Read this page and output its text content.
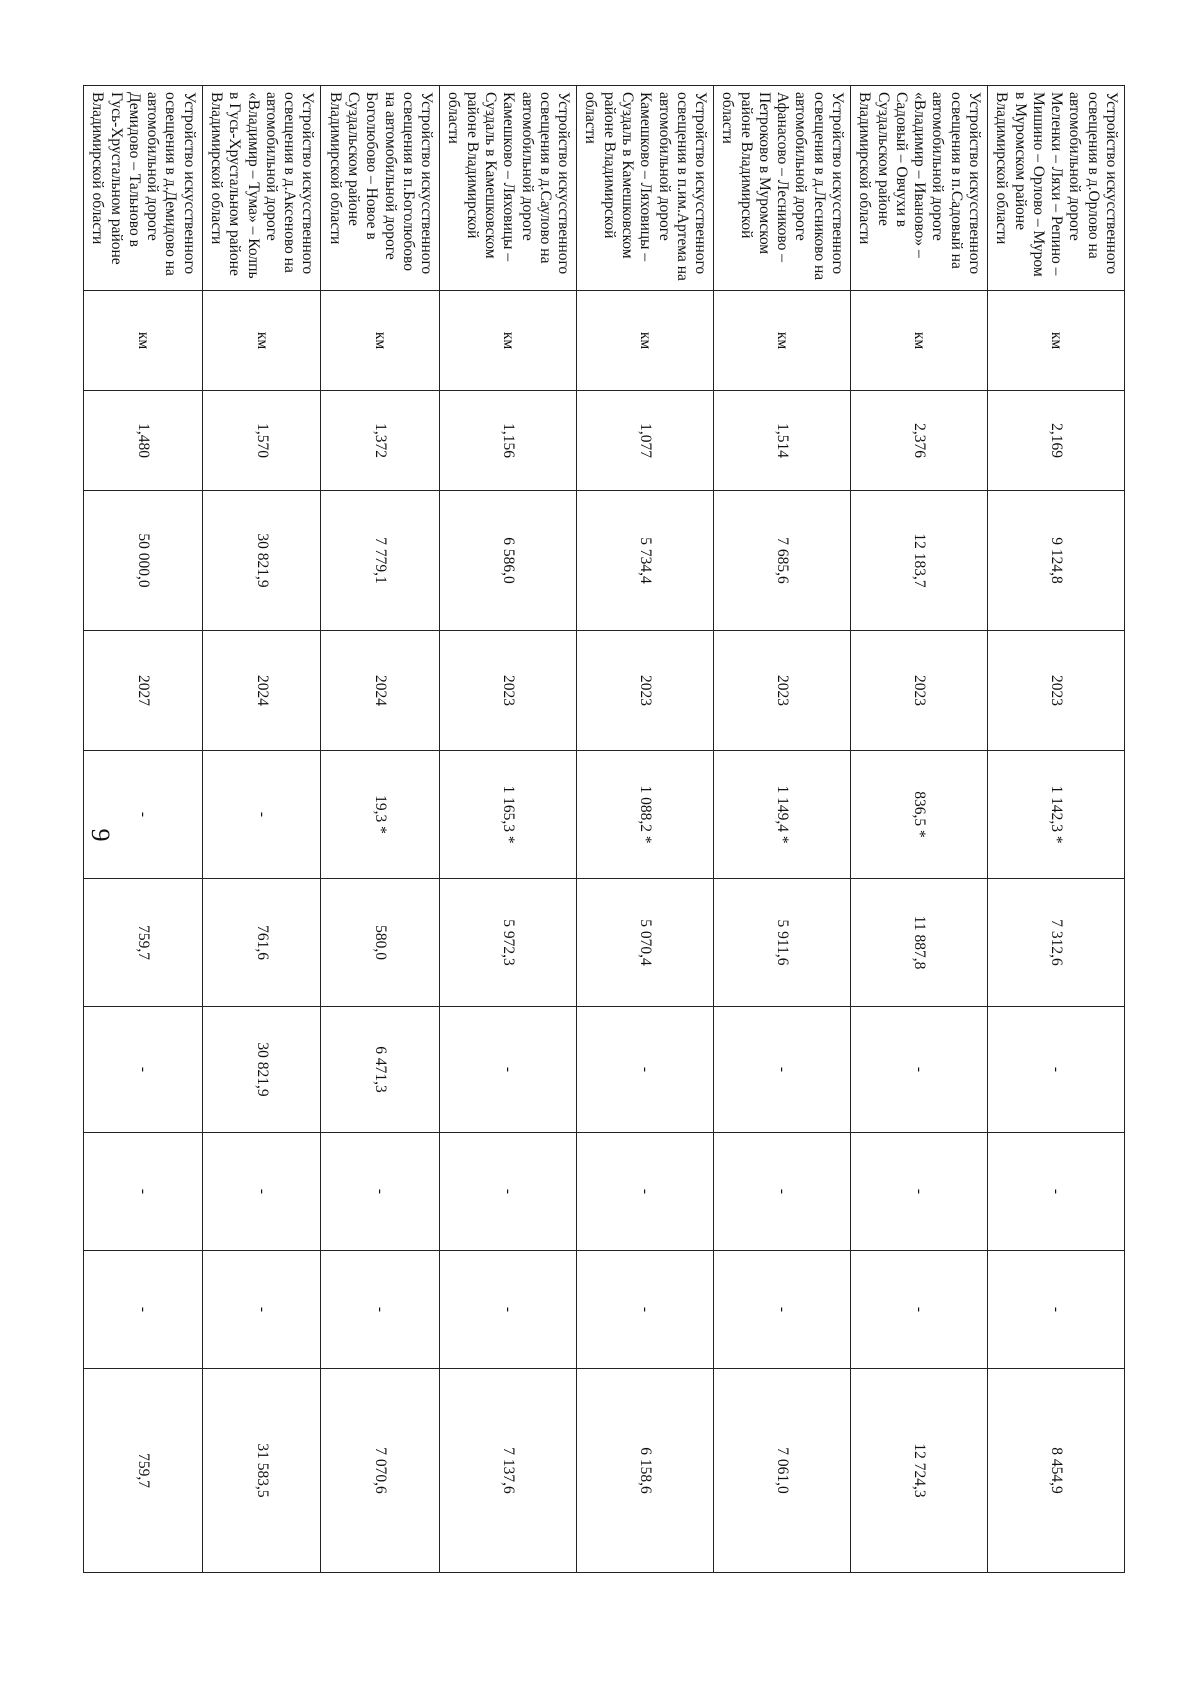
9
Устройство искусственного освещения в д.Орлово на автомобильной дороге Меленки – Ляхи – Репино – Мишино – Орлово – Муром в Муромском районе Владимирской области	км	2,169	9 124,8	2023	1 142,3 *	7 312,6	-	-	-	8 454,9
Устройство искусственного освещения в п.Садовый на автомобильной дороге «Владимир – Иваново» – Садовый – Овчухи в Суздальском районе Владимирской области	км	2,376	12 183,7	2023	836,5 *	11 887,8	-	-	-	12 724,3
Устройство искусственного освещения в д.Лесниково на автомобильной дороге Афанасово – Лесниково – Петроково в Муромском районе Владимирской области	км	1,514	7 685,6	2023	1 149,4 *	5 911,6	-	-	-	7 061,0
Устройство искусственного освещения в п.им.Артема на автомобильной дороге Камешково – Ляховицы – Суздаль в Камешковском районе Владимирской области	км	1,077	5 734,4	2023	1 088,2 *	5 070,4	-	-	-	6 158,6
Устройство искусственного освещения в д.Саулово на автомобильной дороге Камешково – Ляховицы – Суздаль в Камешковском районе Владимирской области	км	1,156	6 586,0	2023	1 165,3 *	5 972,3	-	-	-	7 137,6
Устройство искусственного освещения в п.Боголюбово на автомобильной дороге Боголюбово – Новое в Суздальском районе Владимирской области	км	1,372	7 779,1	2024	19,3 *	580,0	6 471,3	-	-	7 070,6
Устройство искусственного освещения в д.Аксеново на автомобильной дороге «Владимир – Тума» – Колпь в Гусь-Хрустальном районе Владимирской области	км	1,570	30 821,9	2024	-	761,6	30 821,9	-	-	31 583,5
Устройство искусственного освещения в д.Демидово на автомобильной дороге Демидово – Тальново в Гусь-Хрустальном районе Владимирской области	км	1,480	50 000,0	2027	-	759,7	-	-	-	759,7
